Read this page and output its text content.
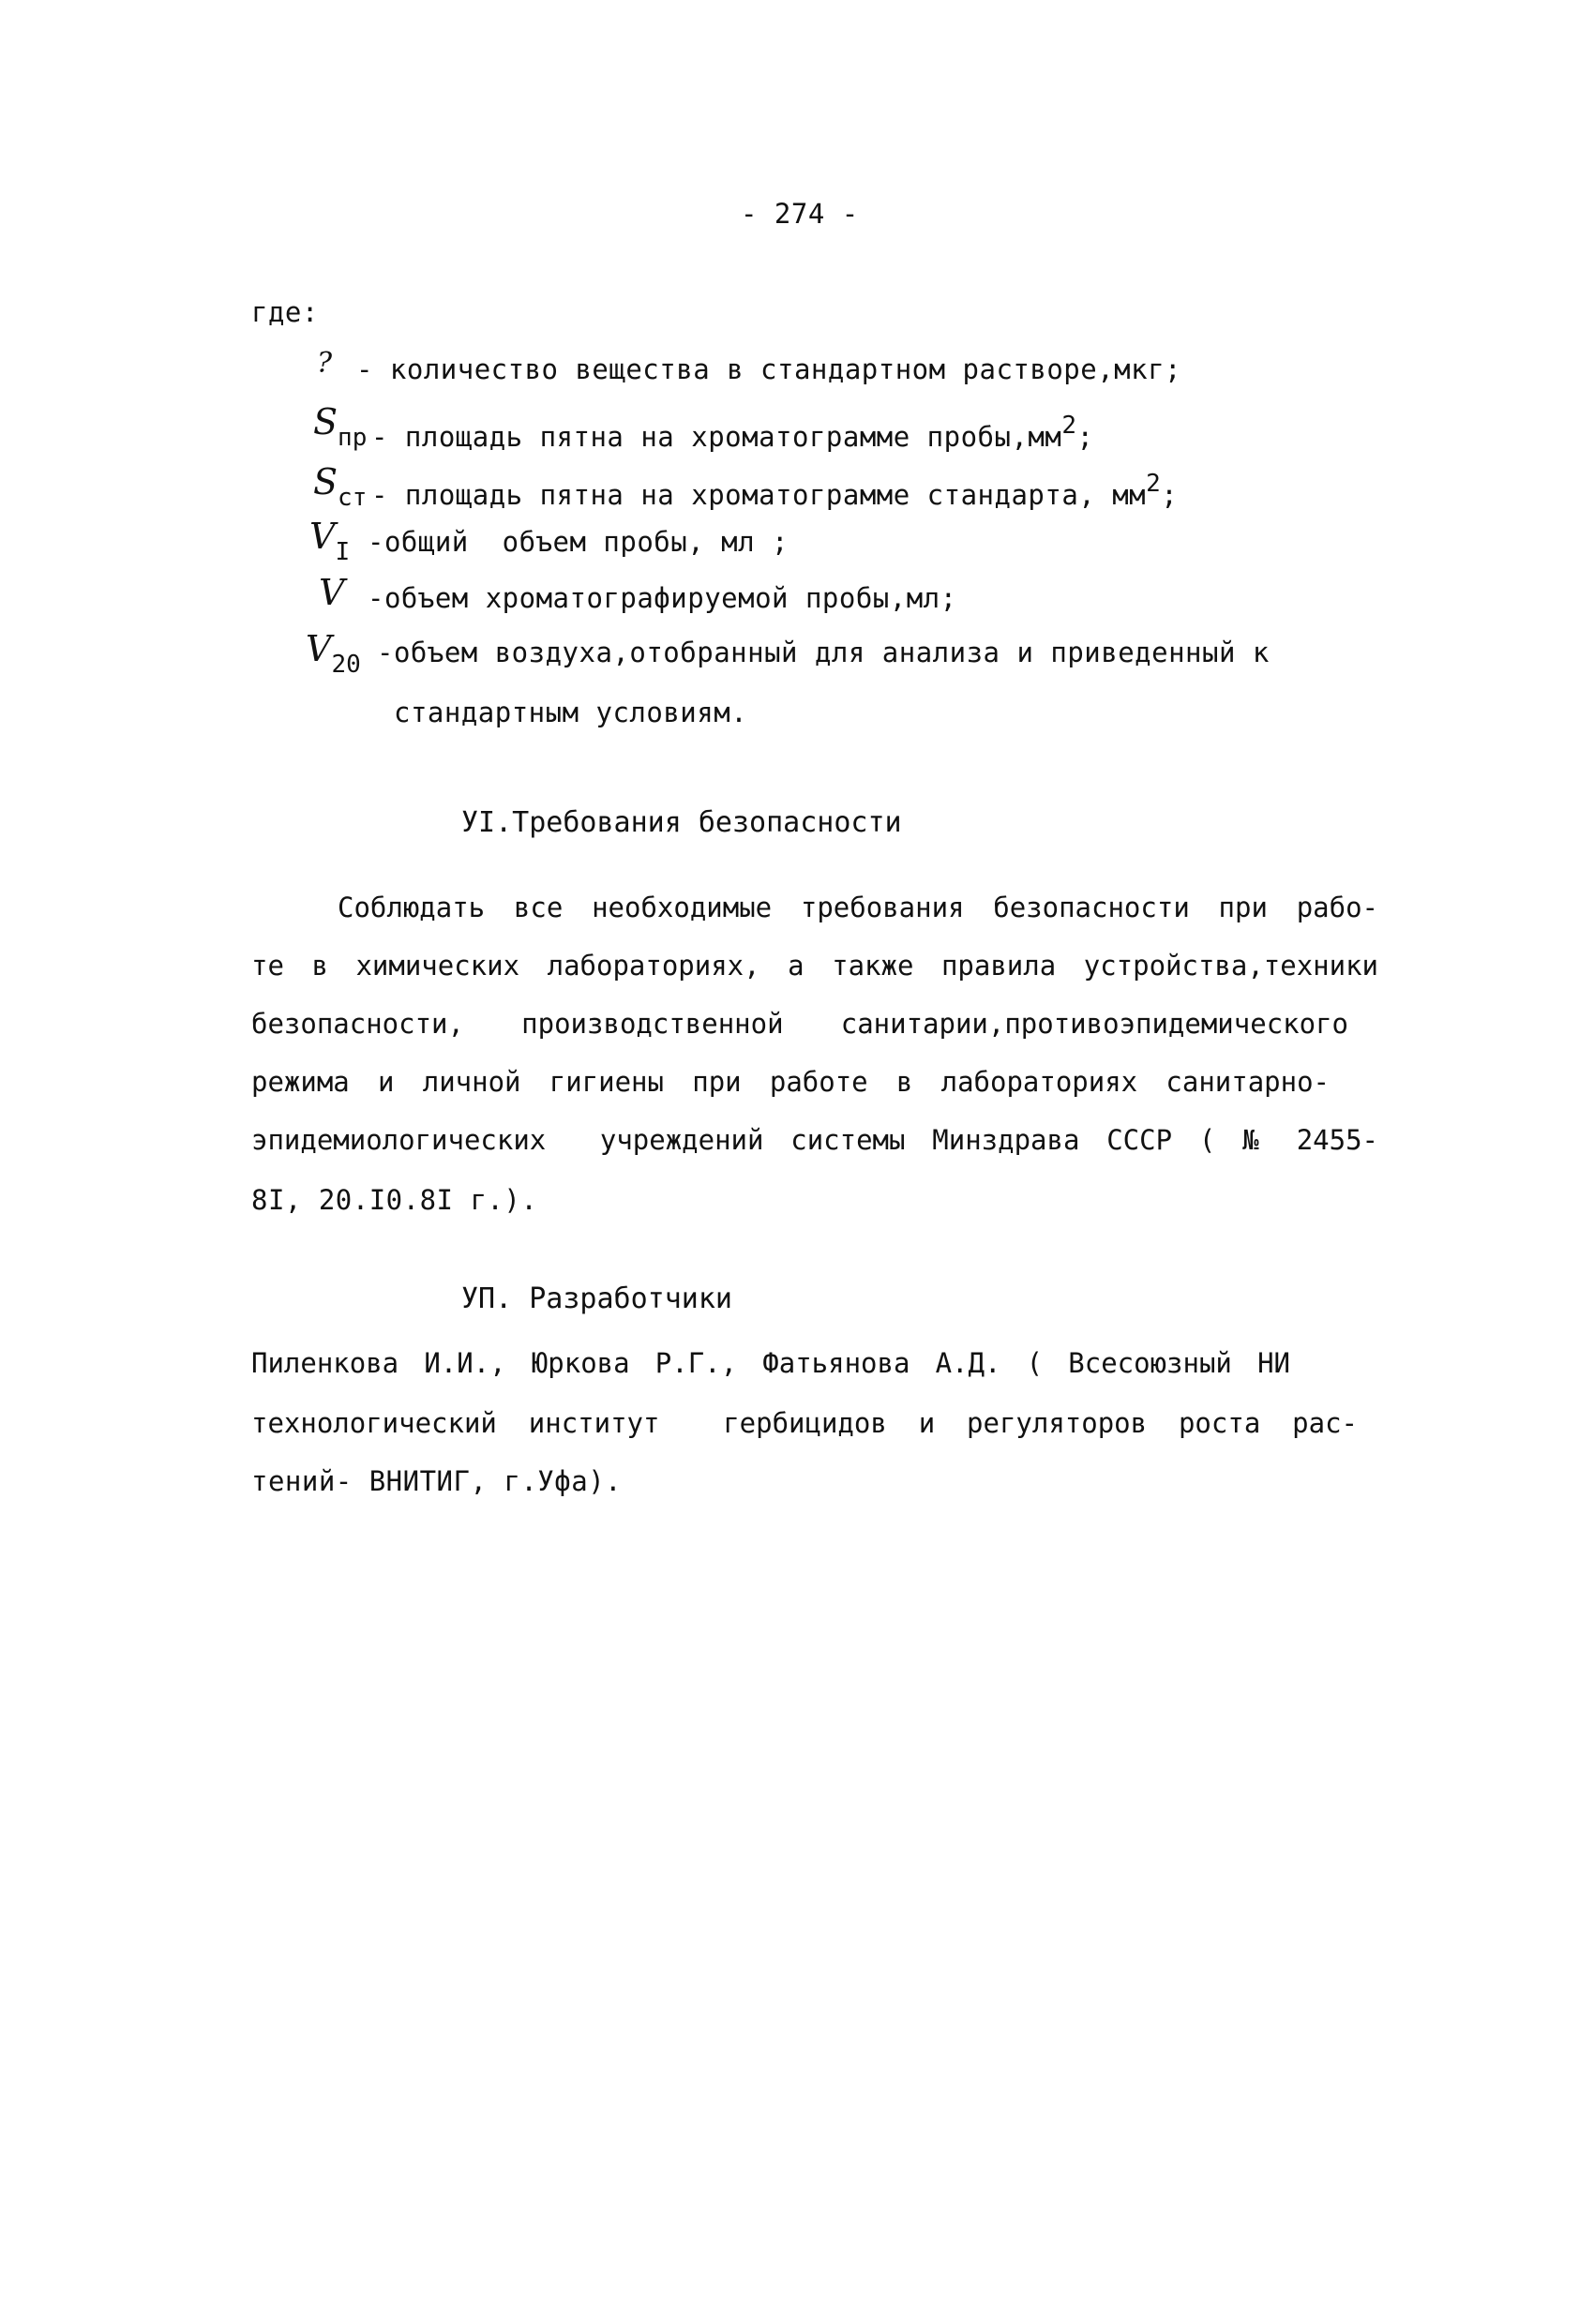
- 274 -
где:
? - количество вещества в стандартном растворе,мкг;
$S_{пр}$ - площадь пятна на хроматограмме пробы,мм2;
$S_{ст}$ - площадь пятна на хроматограмме стандарта, мм2;
$V_I$ -общий  объем пробы, мл ;
V -объем хроматографируемой пробы,мл;
$V_{20}$ -объем воздуха,отобранный для анализа и приведенный к
стандартным условиям.
УI.Требования безопасности
Соблюдать все необходимые требования безопасности при рабо-
те в химических лабораториях, а также правила устройства,техники
безопасности, производственной санитарии,противоэпидемического
режима и личной гигиены при работе в лабораториях санитарно-
эпидемиологических  учреждений системы Минздрава СССР ( № 2455-
8I, 20.I0.8I г.).
УП. Разработчики
Пиленкова И.И., Юркова Р.Г., Фатьянова А.Д. ( Всесоюзный НИ
технологический институт  гербицидов и регуляторов роста рас-
тений- ВНИТИГ, г.Уфа).
